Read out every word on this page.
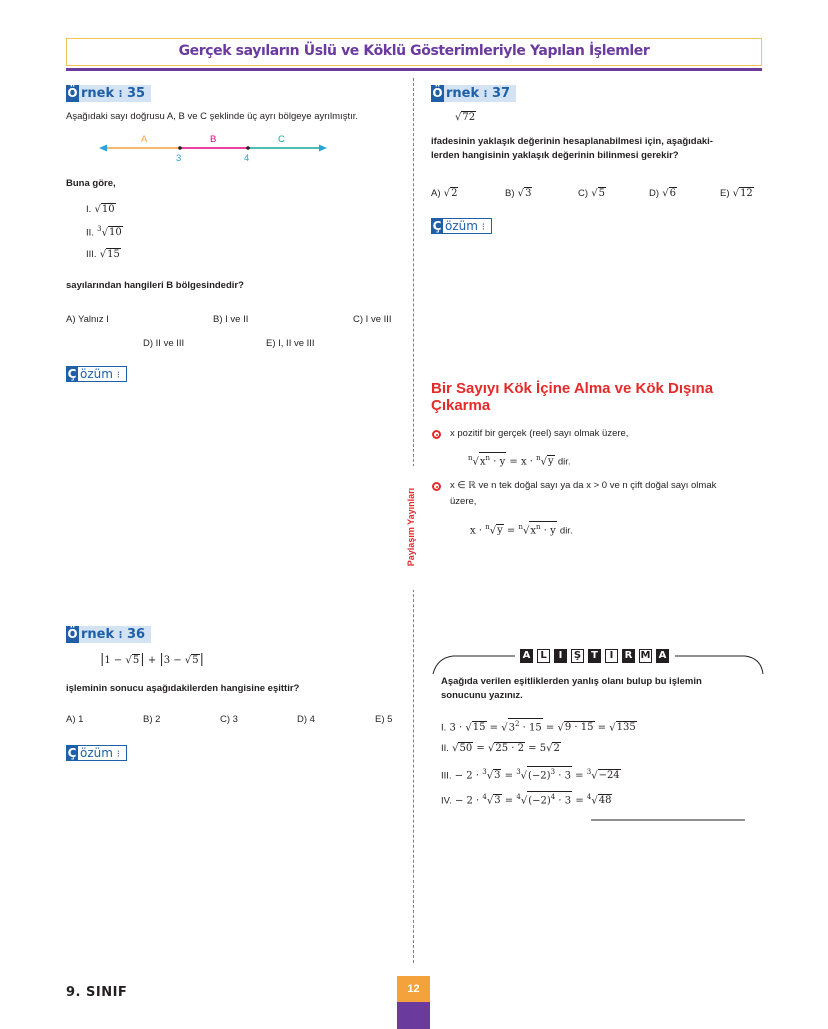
Gerçek sayıların Üslü ve Köklü Gösterimleriyle Yapılan İşlemler
Ö rnek ⁝ 35
Aşağıdaki sayı doğrusu A, B ve C şeklinde üç ayrı bölgeye ayrılmıştır.
A	B	C
3	4
Buna göre,
I. √10
II. $^3$√10
III. √15
sayılarından hangileri B bölgesindedir?
A) Yalnız I	B) I ve II	C) I ve III
D) II ve III	E) I, II ve III
Ç özüm ⁝
Ö rnek ⁝ 36
|1 − √5| + |3 − √5|
işleminin sonucu aşağıdakilerden hangisine eşittir?
A) 1	B) 2	C) 3	D) 4	E) 5
Ç özüm ⁝
Paylaşım Yayınları
Ö rnek ⁝ 37
√72
ifadesinin yaklaşık değerinin hesaplanabilmesi için, aşağıdaki-
lerden hangisinin yaklaşık değerinin bilinmesi gerekir?
A) √2	B) √3	C) √5	D) √6	E) √12
Ç özüm ⁝
Bir Sayıyı Kök İçine Alma ve Kök Dışına
Çıkarma
x pozitif bir gerçek (reel) sayı olmak üzere,
$^n√x^n \cdot y = x \cdot ^n√y$ dir.
x ∈ ℝ ve n tek doğal sayı ya da x > 0 ve n çift doğal sayı olmak
üzere,
$x \cdot ^n√y = ^n√x^n \cdot y$ dir.
A L I Ş T I R M A
Aşağıda verilen eşitliklerden yanlış olanı bulup bu işlemin
sonucunu yazınız.
I. $3 \cdot √15 = √3^2 \cdot 15 = √9 \cdot 15 = √135$
II. √50 = √25 · 2 = 5√2
III. − $2 \cdot ^3√3 = ^3√(-2)^3 \cdot 3 = ^3√-24$
IV. − $2 \cdot ^4√3 = ^4√(-2)^4 \cdot 3 = ^4√48$
9. SINIF	12
